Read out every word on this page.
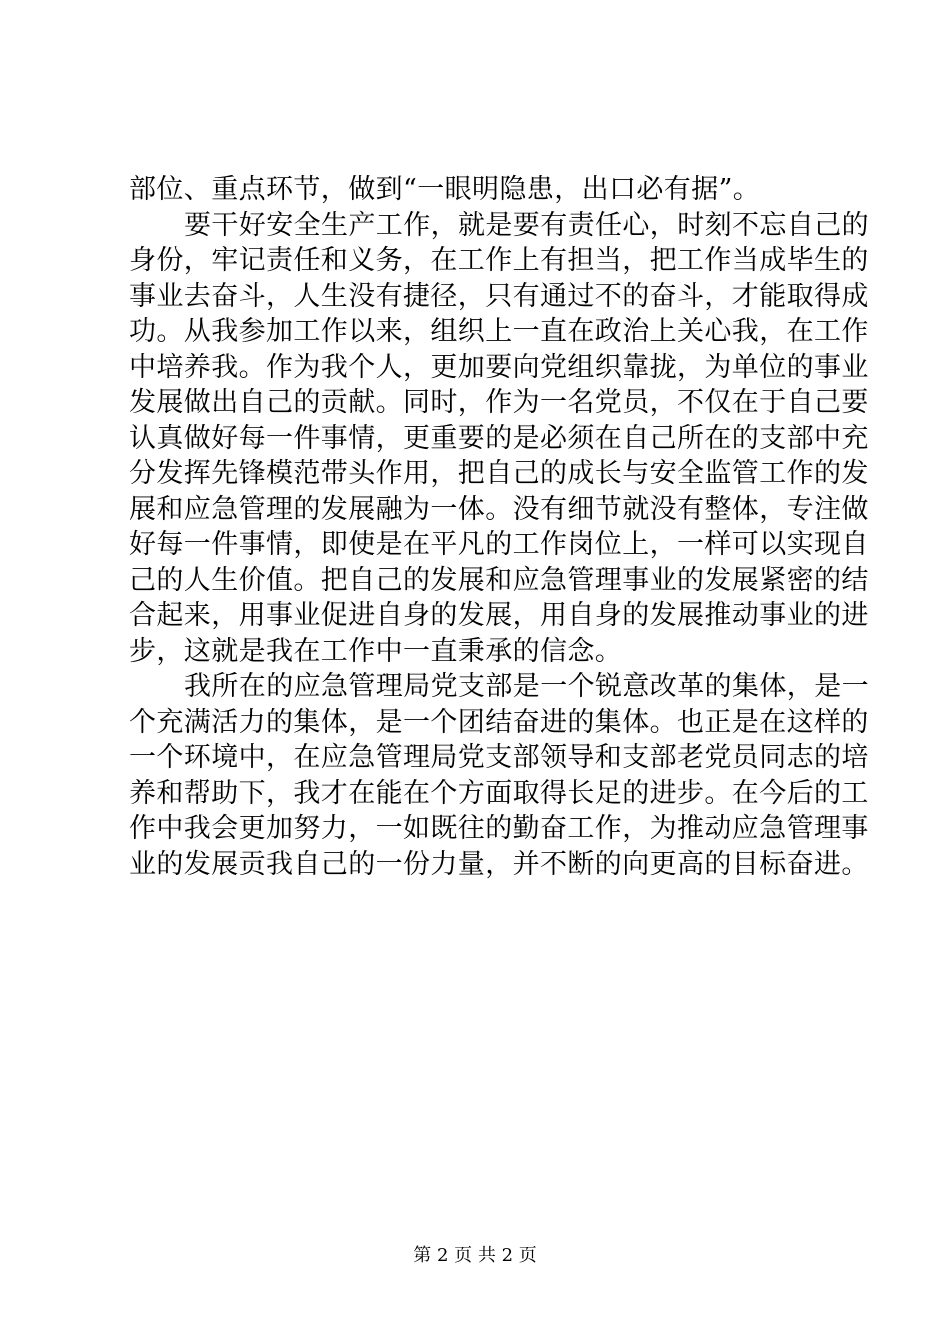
部位、重点环节，做到“一眼明隐患，出口必有据”。
要干好安全生产工作，就是要有责任心，时刻不忘自己的
身份，牢记责任和义务，在工作上有担当，把工作当成毕生的
事业去奋斗，人生没有捷径，只有通过不的奋斗，才能取得成
功。从我参加工作以来，组织上一直在政治上关心我，在工作
中培养我。作为我个人，更加要向党组织靠拢，为单位的事业
发展做出自己的贡献。同时，作为一名党员，不仅在于自己要
认真做好每一件事情，更重要的是必须在自己所在的支部中充
分发挥先锋模范带头作用，把自己的成长与安全监管工作的发
展和应急管理的发展融为一体。没有细节就没有整体，专注做
好每一件事情，即使是在平凡的工作岗位上，一样可以实现自
己的人生价值。把自己的发展和应急管理事业的发展紧密的结
合起来，用事业促进自身的发展，用自身的发展推动事业的进
步，这就是我在工作中一直秉承的信念。
我所在的应急管理局党支部是一个锐意改革的集体，是一
个充满活力的集体，是一个团结奋进的集体。也正是在这样的
一个环境中，在应急管理局党支部领导和支部老党员同志的培
养和帮助下，我才在能在个方面取得长足的进步。在今后的工
作中我会更加努力，一如既往的勤奋工作，为推动应急管理事
业的发展贡我自己的一份力量，并不断的向更高的目标奋进。
第 2 页 共 2 页
